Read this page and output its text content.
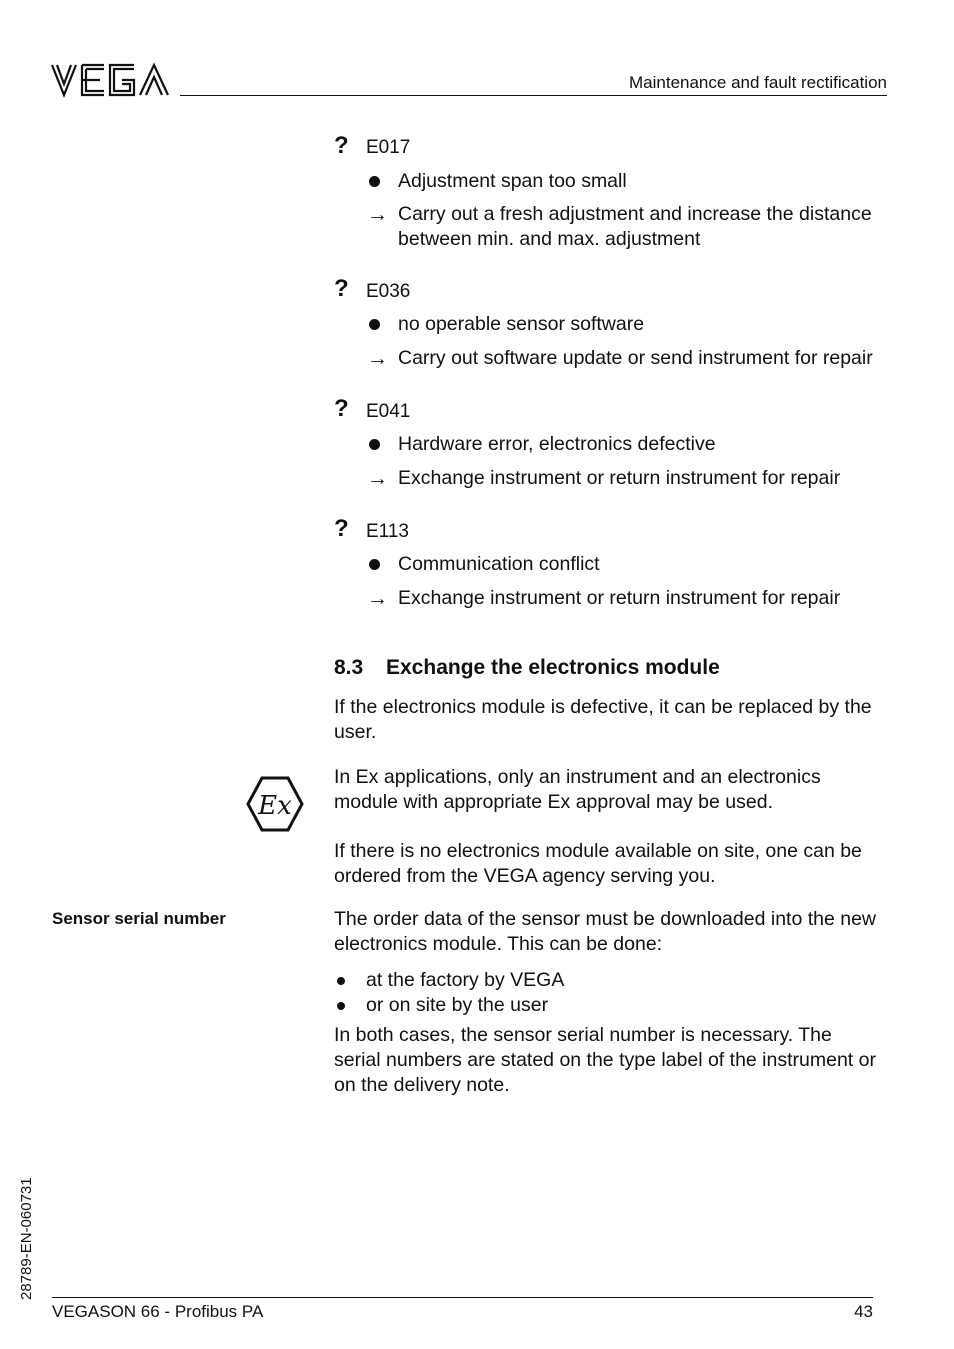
Maintenance and fault rectification
? E017
Adjustment span too small
→ Carry out a fresh adjustment and increase the distance
between min. and max. adjustment
? E036
no operable sensor software
→ Carry out software update or send instrument for repair
? E041
Hardware error, electronics defective
→ Exchange instrument or return instrument for repair
? E113
Communication conflict
→ Exchange instrument or return instrument for repair
8.3 Exchange the electronics module
If the electronics module is defective, it can be replaced by the
user.
Ex
In Ex applications, only an instrument and an electronics
module with appropriate Ex approval may be used.
If there is no electronics module available on site, one can be
ordered from the VEGA agency serving you.
Sensor serial number	The order data of the sensor must be downloaded into the new
electronics module. This can be done:
at the factory by VEGA
or on site by the user
In both cases, the sensor serial number is necessary. The
serial numbers are stated on the type label of the instrument or
on the delivery note.
28789-EN-060731
VEGASON 66 - Profibus PA	43
